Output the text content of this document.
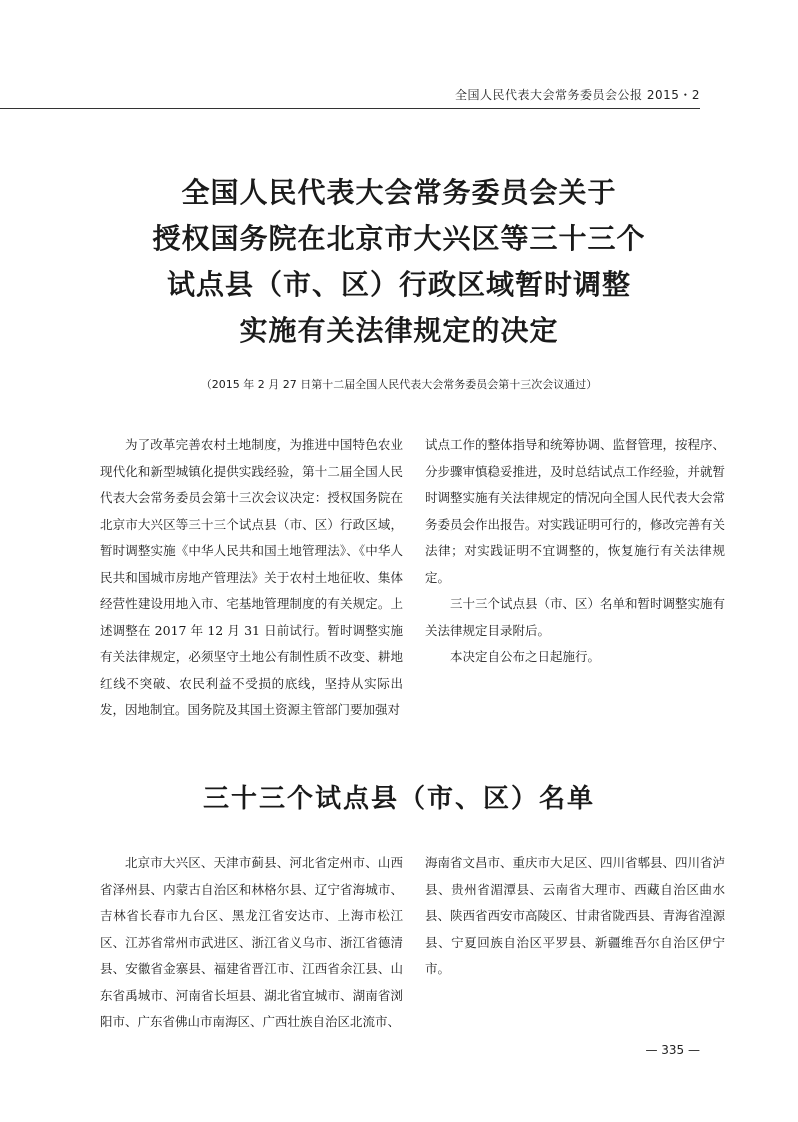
全国人民代表大会常务委员会公报 2015・2
全国人民代表大会常务委员会关于
授权国务院在北京市大兴区等三十三个
试点县（市、区）行政区域暂时调整
实施有关法律规定的决定
（2015 年 2 月 27 日第十二届全国人民代表大会常务委员会第十三次会议通过）

为了改革完善农村土地制度，为推进中国特色农业现代化和新型城镇化提供实践经验，第十二届全国人民代表大会常务委员会第十三次会议决定：授权国务院在北京市大兴区等三十三个试点县（市、区）行政区域，暂时调整实施《中华人民共和国土地管理法》、《中华人民共和国城市房地产管理法》关于农村土地征收、集体经营性建设用地入市、宅基地管理制度的有关规定。上述调整在 2017 年 12 月 31 日前试行。暂时调整实施有关法律规定，必须坚守土地公有制性质不改变、耕地红线不突破、农民利益不受损的底线，坚持从实际出发，因地制宜。国务院及其国土资源主管部门要加强对

试点工作的整体指导和统筹协调、监督管理，按程序、分步骤审慎稳妥推进，及时总结试点工作经验，并就暂时调整实施有关法律规定的情况向全国人民代表大会常务委员会作出报告。对实践证明可行的，修改完善有关法律；对实践证明不宜调整的，恢复施行有关法律规定。

三十三个试点县（市、区）名单和暂时调整实施有关法律规定目录附后。

本决定自公布之日起施行。

三十三个试点县（市、区）名单

北京市大兴区、天津市蓟县、河北省定州市、山西省泽州县、内蒙古自治区和林格尔县、辽宁省海城市、吉林省长春市九台区、黑龙江省安达市、上海市松江区、江苏省常州市武进区、浙江省义乌市、浙江省德清县、安徽省金寨县、福建省晋江市、江西省余江县、山东省禹城市、河南省长垣县、湖北省宜城市、湖南省浏阳市、广东省佛山市南海区、广西壮族自治区北流市、

海南省文昌市、重庆市大足区、四川省郫县、四川省泸县、贵州省湄潭县、云南省大理市、西藏自治区曲水县、陕西省西安市高陵区、甘肃省陇西县、青海省湟源县、宁夏回族自治区平罗县、新疆维吾尔自治区伊宁市。

— 335 —
